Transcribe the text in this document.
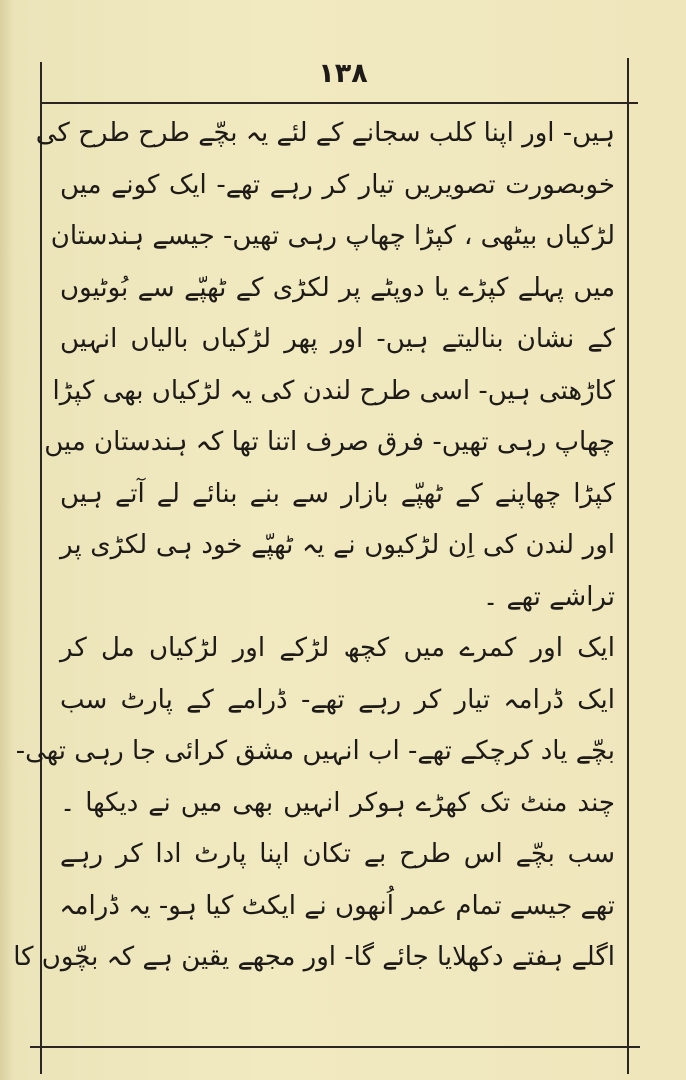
١٣٨
ہیں- اور اپنا کلب سجانے کے لئے یہ بچّے طرح طرح کی
خوبصورت تصویریں تیار کر رہے تھے- ایک کونے میں
لڑکیاں بیٹھی ، کپڑا چھاپ رہی تھیں- جیسے ہندستان
میں پہلے کپڑے یا دوپٹے پر لکڑی کے ٹھپّے سے بُوٹیوں
کے نشان بنالیتے ہیں- اور پھر لڑکیاں بالیاں انہیں
کاڑھتی ہیں- اسی طرح لندن کی یہ لڑکیاں بھی کپڑا
چھاپ رہی تھیں- فرق صرف اتنا تھا کہ ہندستان میں
کپڑا چھاپنے کے ٹھپّے بازار سے بنے بنائے لے آتے ہیں
اور لندن کی اِن لڑکیوں نے یہ ٹھپّے خود ہی لکڑی پر
تراشے تھے ۔
ایک اور کمرے میں کچھ لڑکے اور لڑکیاں مل کر
ایک ڈرامہ تیار کر رہے تھے- ڈرامے کے پارٹ سب
بچّے یاد کرچکے تھے- اب انہیں مشق کرائی جا رہی تھی-
چند منٹ تک کھڑے ہوکر انہیں بھی میں نے دیکھا ۔
سب بچّے اس طرح بے تکان اپنا پارٹ ادا کر رہے
تھے جیسے تمام عمر اُنھوں نے ایکٹ کیا ہو- یہ ڈرامہ
اگلے ہفتے دکھلایا جائے گا- اور مجھے یقین ہے کہ بچّوں کا
